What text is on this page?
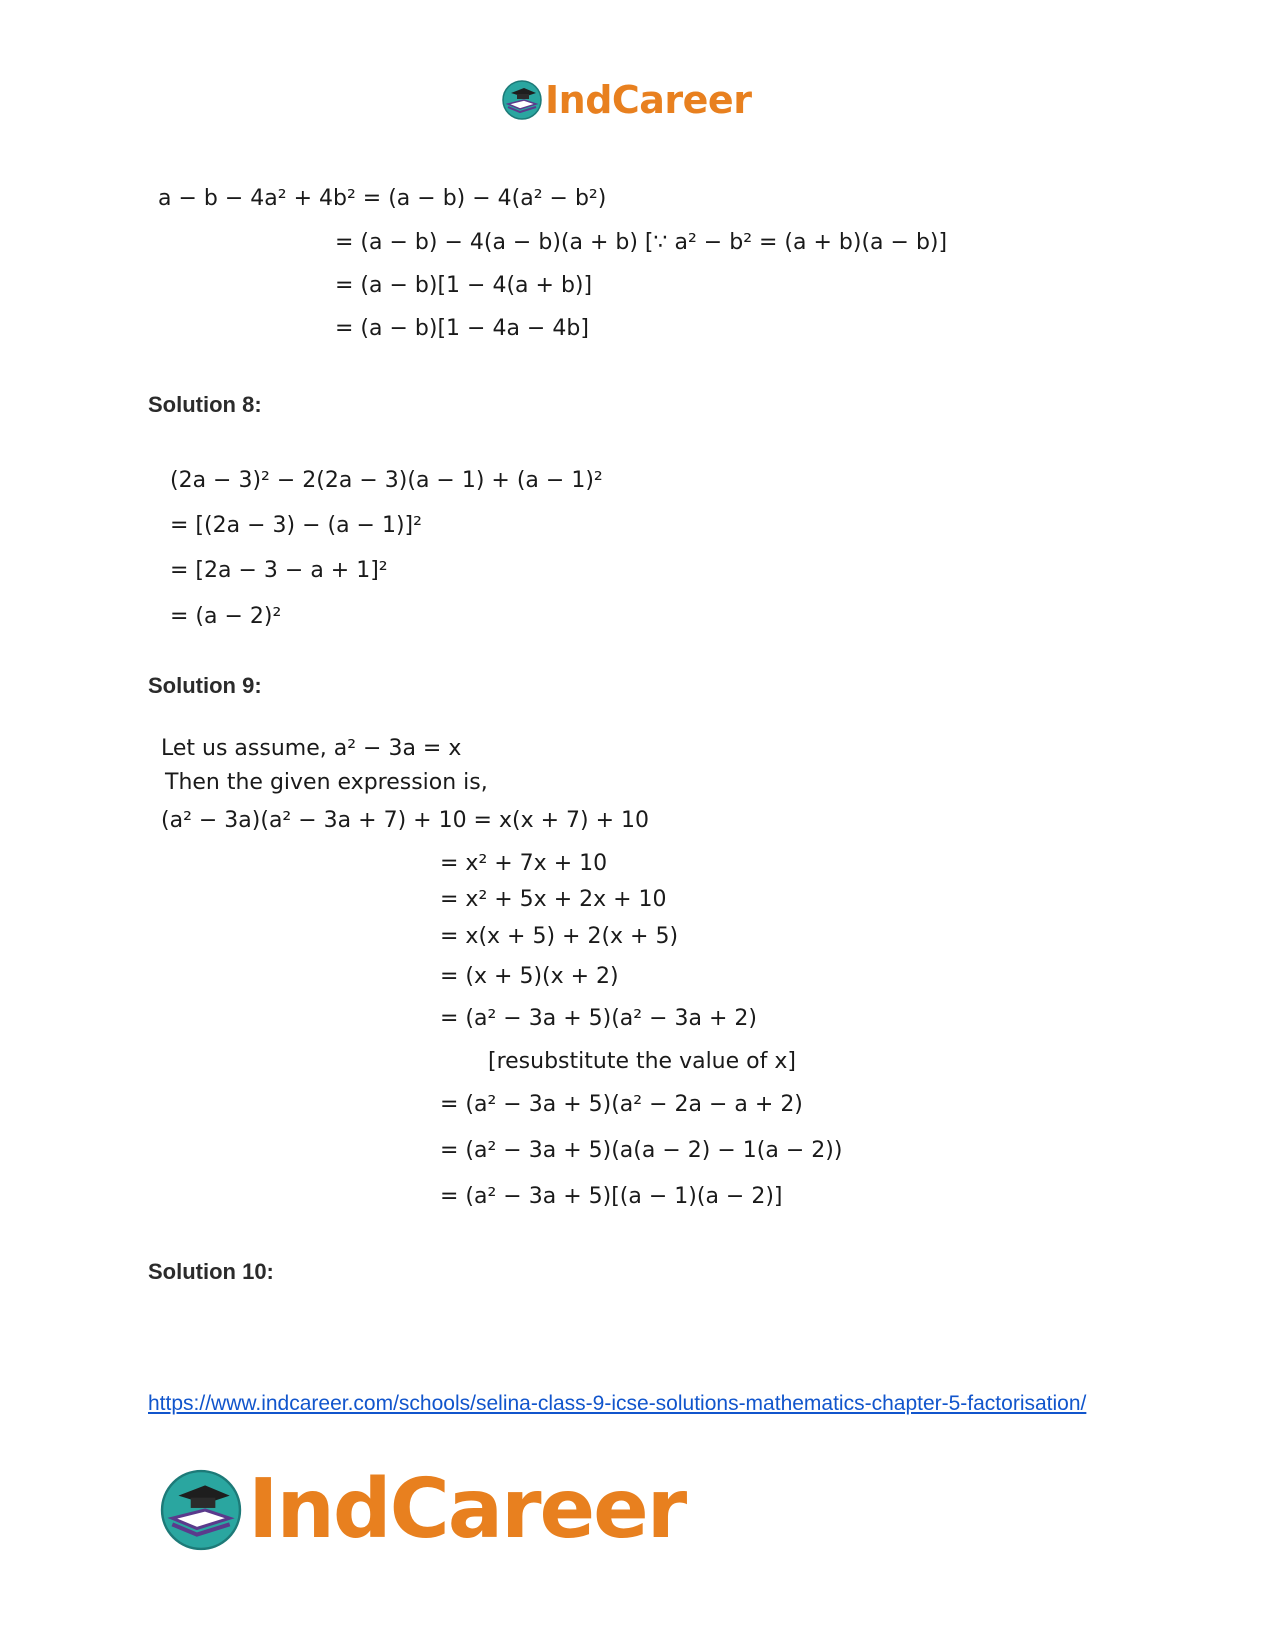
IndCareer
a − b − 4a² + 4b² = (a − b) − 4(a² − b²)
= (a − b) − 4(a − b)(a + b) [∵ a² − b² = (a + b)(a − b)]
= (a − b)[1 − 4(a + b)]
= (a − b)[1 − 4a − 4b]
Solution 8:
(2a − 3)² − 2(2a − 3)(a − 1) + (a − 1)²
= [(2a − 3) − (a − 1)]²
= [2a − 3 − a + 1]²
= (a − 2)²
Solution 9:
Let us assume, a² − 3a = x
Then the given expression is,
(a² − 3a)(a² − 3a + 7) + 10 = x(x + 7) + 10
= x² + 7x + 10
= x² + 5x + 2x + 10
= x(x + 5) + 2(x + 5)
= (x + 5)(x + 2)
= (a² − 3a + 5)(a² − 3a + 2)
[resubstitute the value of x]
= (a² − 3a + 5)(a² − 2a − a + 2)
= (a² − 3a + 5)(a(a − 2) − 1(a − 2))
= (a² − 3a + 5)[(a − 1)(a − 2)]
Solution 10:
https://www.indcareer.com/schools/selina-class-9-icse-solutions-mathematics-chapter-5-factorisation/
IndCareer
